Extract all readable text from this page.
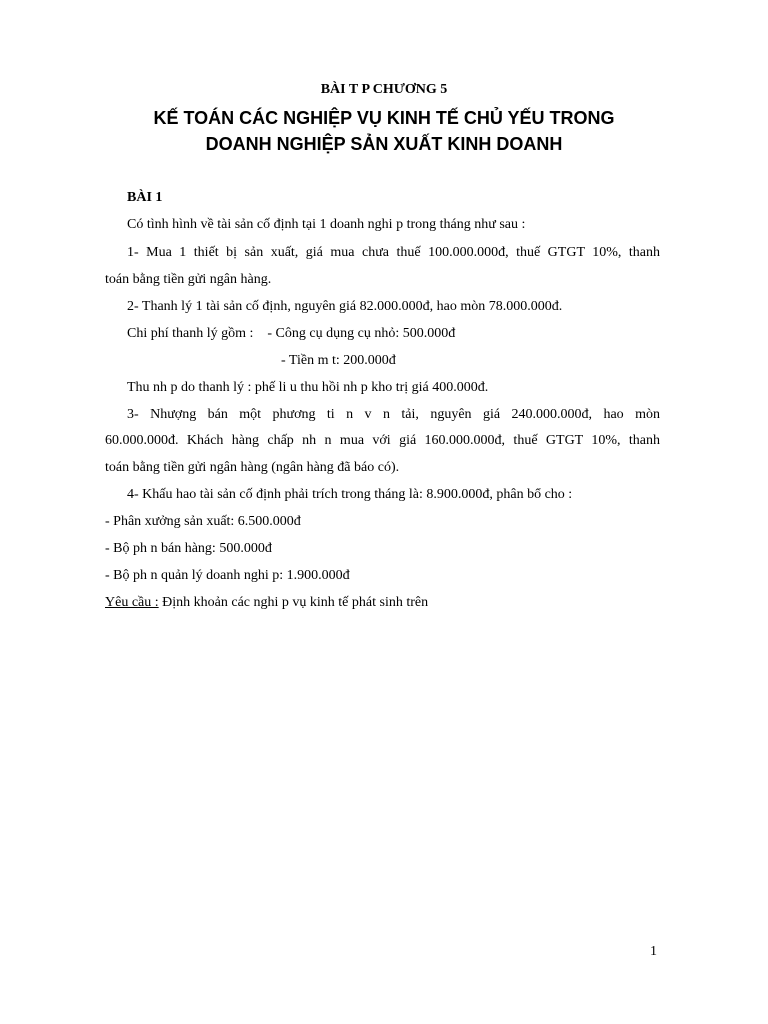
BÀI T P CHƯƠNG 5
KẾ TOÁN CÁC NGHIỆP VỤ KINH TẾ CHỦ YẾU TRONG
DOANH NGHIỆP SẢN XUẤT KINH DOANH
BÀI 1
Có tình hình về tài sản cố định tại 1 doanh nghi p trong tháng như sau :
1- Mua 1 thiết bị sản xuất, giá mua chưa thuế 100.000.000đ, thuế GTGT 10%, thanh
toán bằng tiền gửi ngân hàng.
2- Thanh lý 1 tài sản cố định, nguyên giá 82.000.000đ, hao mòn 78.000.000đ.
Chi phí thanh lý gồm :    - Công cụ dụng cụ nhỏ: 500.000đ
- Tiền m t: 200.000đ
Thu nh p do thanh lý : phế li u thu hồi nh p kho trị giá 400.000đ.
3- Nhượng bán một phương ti n v n tải, nguyên giá 240.000.000đ, hao mòn
60.000.000đ. Khách hàng chấp nh n mua với giá 160.000.000đ, thuế GTGT 10%, thanh
toán bằng tiền gửi ngân hàng (ngân hàng đã báo có).
4- Khấu hao tài sản cố định phải trích trong tháng là: 8.900.000đ, phân bổ cho :
- Phân xưởng sản xuất: 6.500.000đ
- Bộ ph n bán hàng: 500.000đ
- Bộ ph n quản lý doanh nghi p: 1.900.000đ
Yêu cầu : Định khoản các nghi p vụ kinh tế phát sinh trên
1
